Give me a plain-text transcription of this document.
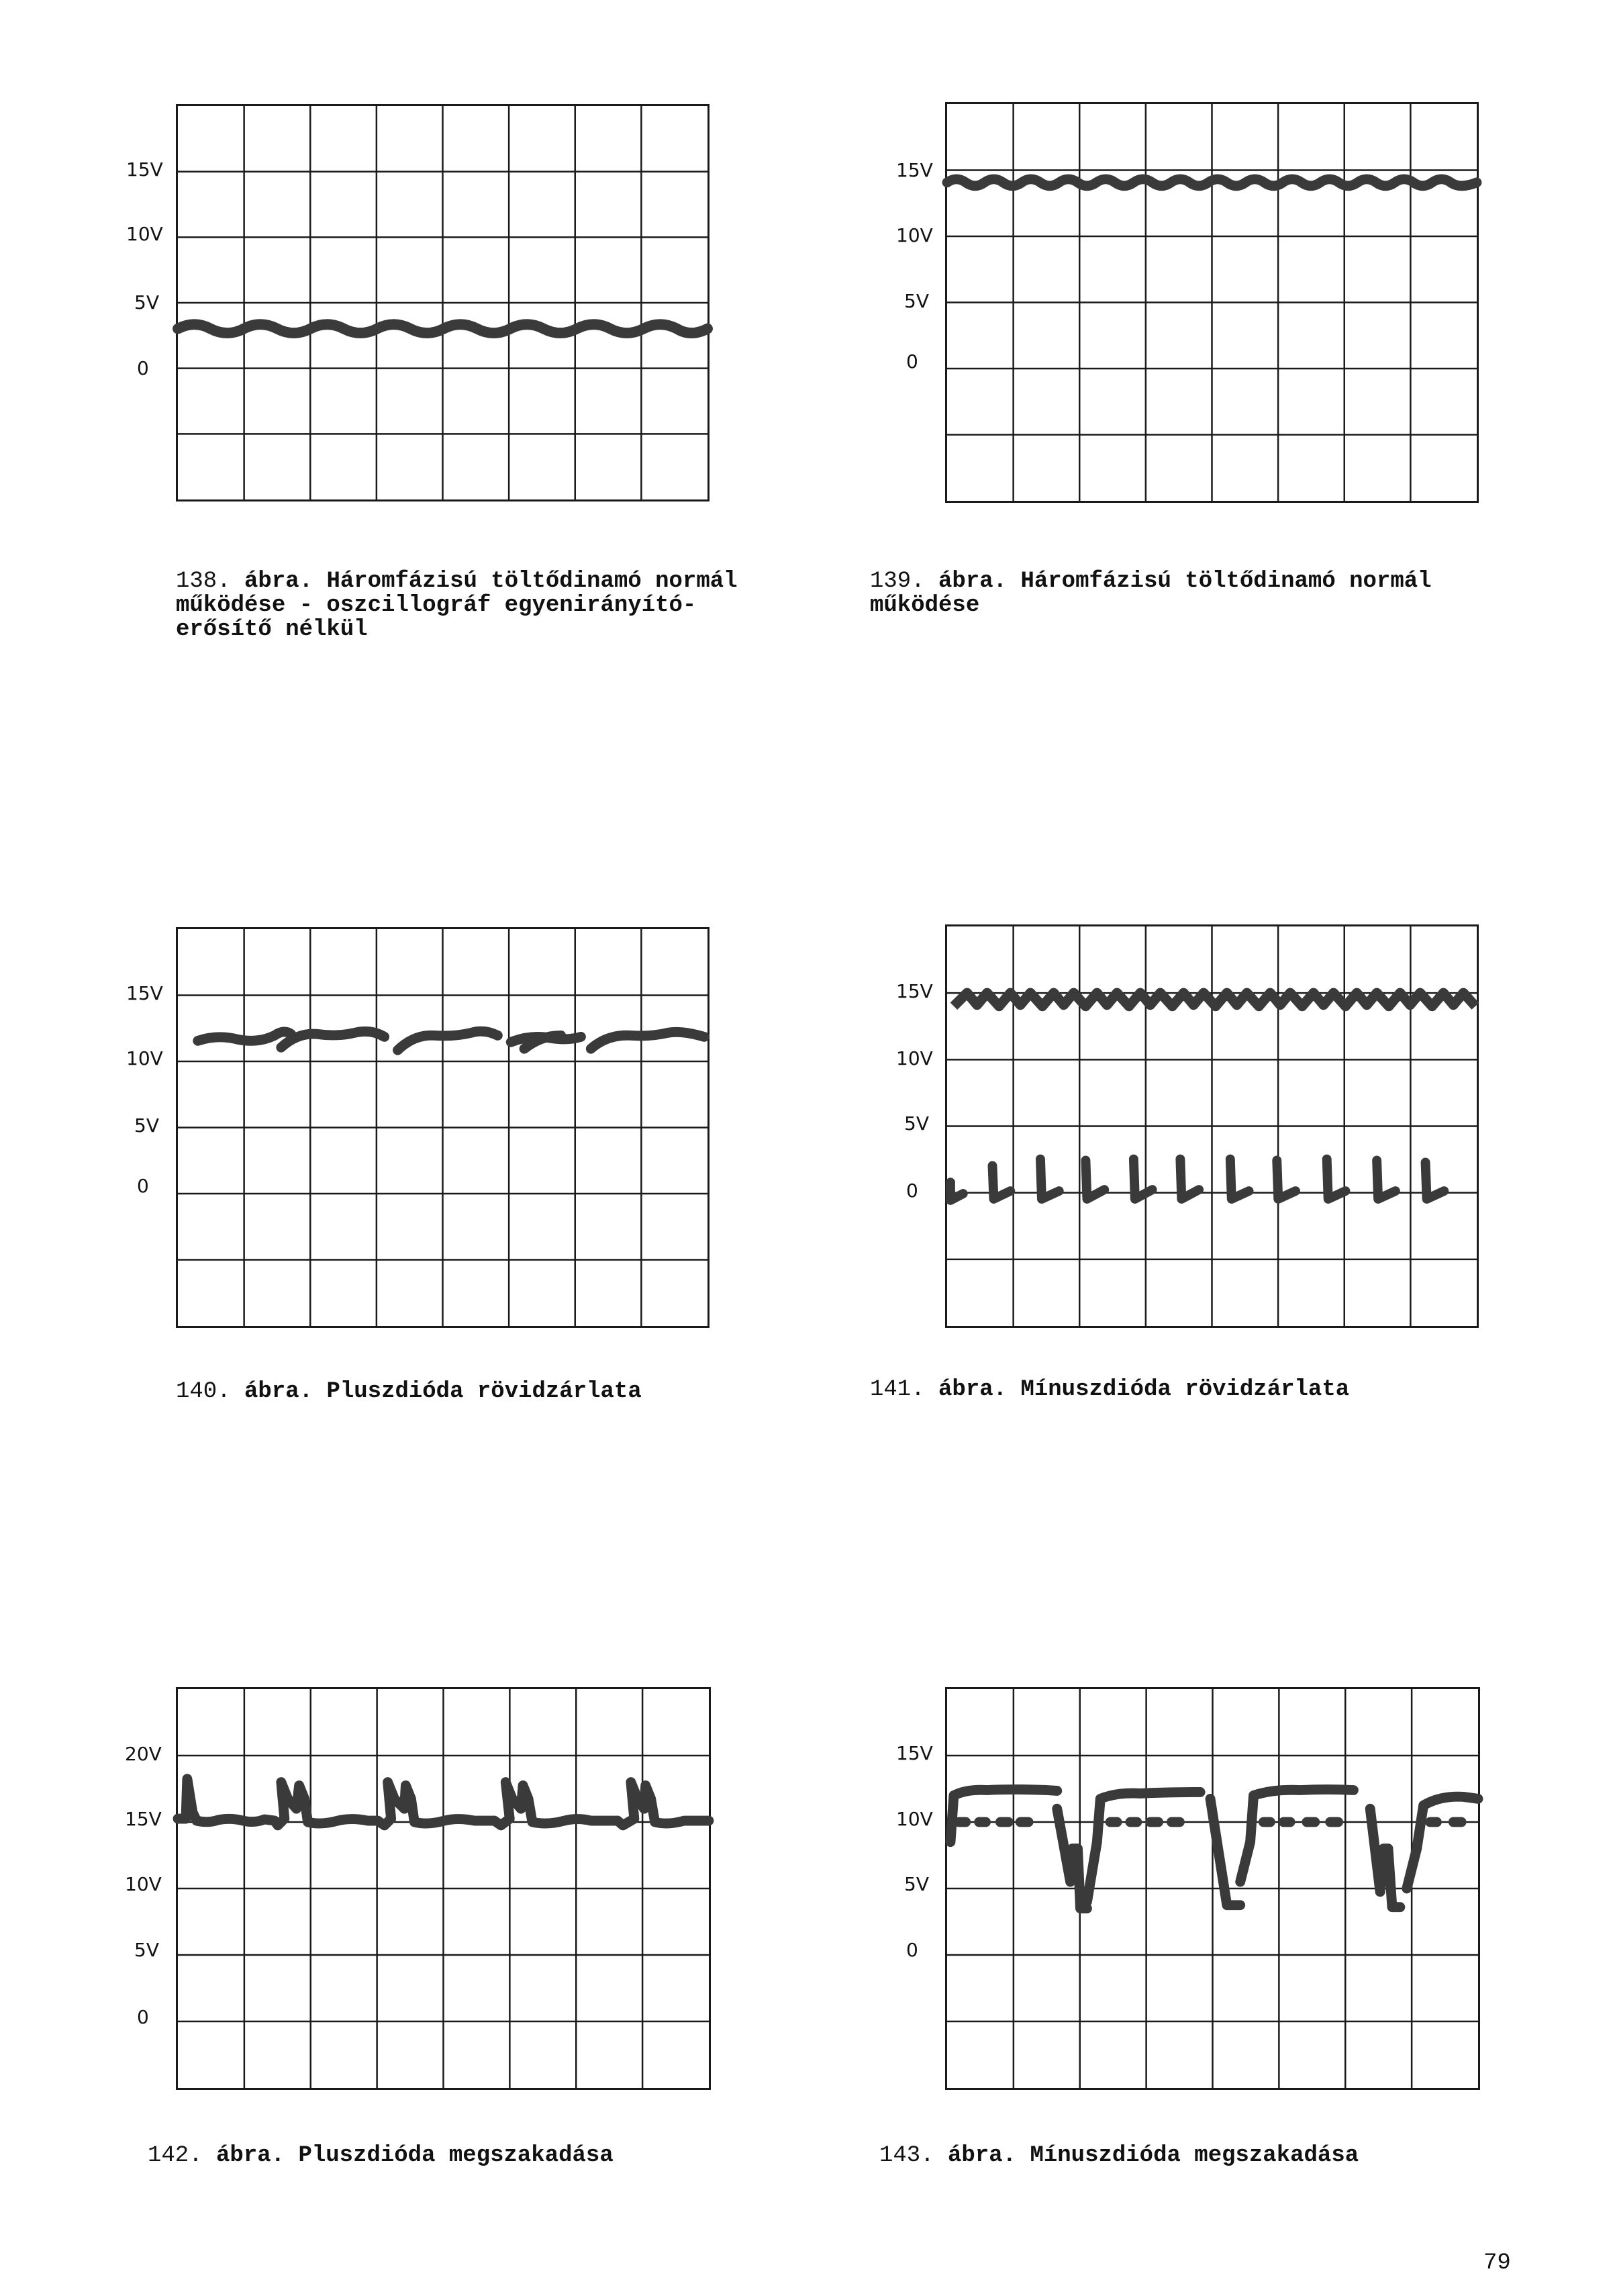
15V
10V
5V
0
138. ábra. Háromfázisú töltődinamó normál
működése - oszcillográf egyenirányító-
erősítő nélkül
15V
10V
5V
0
139. ábra. Háromfázisú töltődinamó normál
működése
15V
10V
5V
0
140. ábra. Pluszdióda rövidzárlata
15V
10V
5V
0
141. ábra. Mínuszdióda rövidzárlata
20V
15V
10V
5V
0
142. ábra. Pluszdióda megszakadása
15V
10V
5V
0
143. ábra. Mínuszdióda megszakadása
79
